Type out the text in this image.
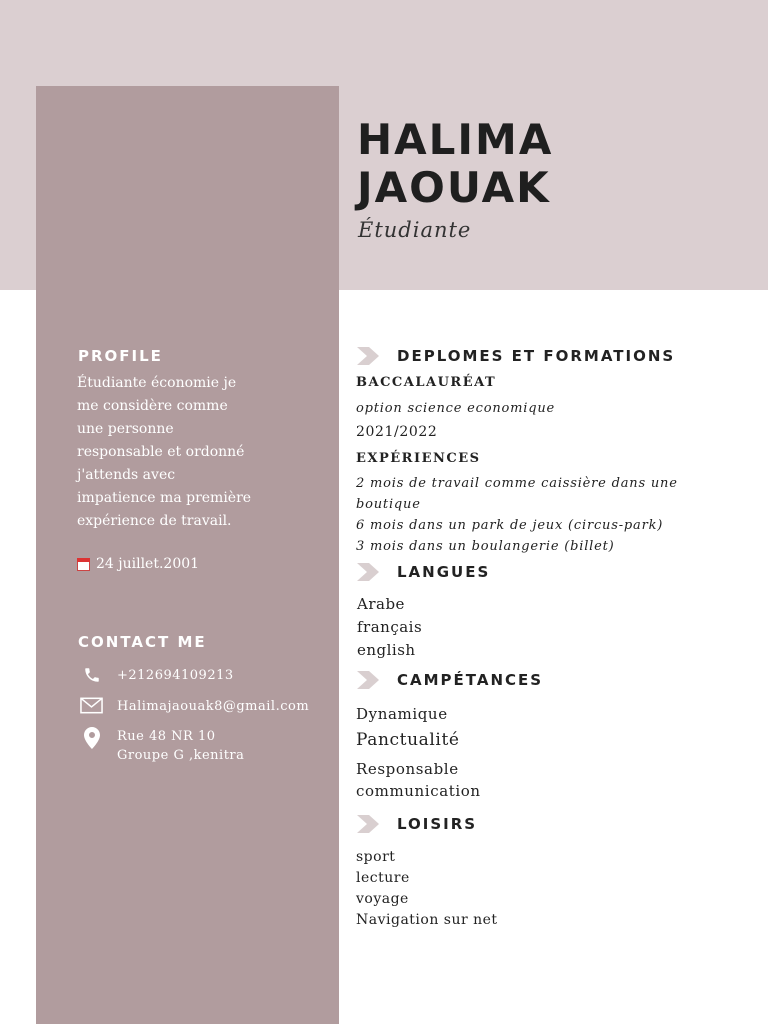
HALIMA
JAOUAK
Étudiante
PROFILE
Étudiante économie je
me considère comme
une personne
responsable et ordonné
j'attends avec
impatience ma première
expérience de travail.
24 juillet.2001
CONTACT ME
+212694109213
Halimajaouak8@gmail.com
Rue 48 NR 10
Groupe G ,kenitra
DEPLOMES ET FORMATIONS
BACCALAURÉAT
option science economique
2021/2022
EXPÉRIENCES
2 mois de travail comme caissière dans une
boutique
6 mois dans un park de jeux (circus-park)
3 mois dans un boulangerie (billet)
LANGUES
Arabe
français
english
CAMPÉTANCES
Dynamique
Panctualité
Responsable
communication
LOISIRS
sport
lecture
voyage
Navigation sur net
